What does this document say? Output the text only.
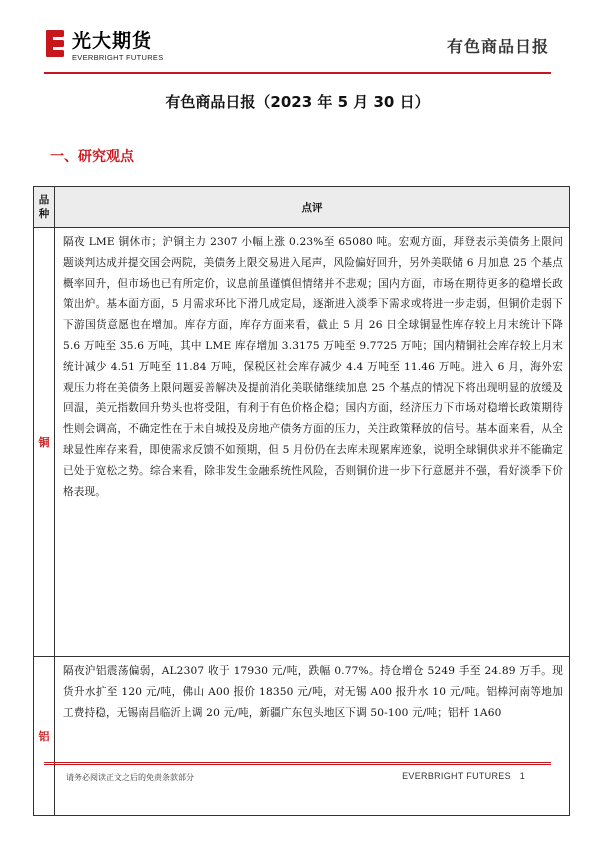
光大期货
EVERBRIGHT FUTURES
有色商品日报
有色商品日报（2023 年 5 月 30 日）
一、研究观点
品种	点评
铜	隔夜 LME 铜休市；沪铜主力 2307 小幅上涨 0.23%至 65080 吨。宏观方面，拜登表示美债务上限问题谈判达成并提交国会两院，美债务上限交易进入尾声，风险偏好回升，另外美联储 6 月加息 25 个基点概率回升，但市场也已有所定价，议息前虽谨慎但情绪并不悲观；国内方面，市场在期待更多的稳增长政策出炉。基本面方面，5 月需求环比下滑几成定局，逐渐进入淡季下需求或将进一步走弱，但铜价走弱下下游国货意愿也在增加。库存方面，库存方面来看，截止 5 月 26 日全球铜显性库存较上月末统计下降 5.6 万吨至 35.6 万吨，其中 LME 库存增加 3.3175 万吨至 9.7725 万吨；国内精铜社会库存较上月末统计减少 4.51 万吨至 11.84 万吨，保税区社会库存减少 4.4 万吨至 11.46 万吨。进入 6 月，海外宏观压力将在美债务上限问题妥善解决及提前消化美联储继续加息 25 个基点的情况下将出现明显的放缓及回温，美元指数回升势头也将受阻，有利于有色价格企稳；国内方面，经济压力下市场对稳增长政策期待性则会调高，不确定性在于未自城投及房地产债务方面的压力，关注政策释放的信号。基本面来看，从全球显性库存来看，即使需求反馈不如预期，但 5 月份仍在去库未现累库迹象，说明全球铜供求并不能确定已处于宽松之势。综合来看，除非发生金融系统性风险，否则铜价进一步下行意愿并不强，看好淡季下价格表现。
铝	隔夜沪铝震荡偏弱，AL2307 收于 17930 元/吨，跌幅 0.77%。持仓增仓 5249 手至 24.89 万手。现货升水扩至 120 元/吨，佛山 A00 报价 18350 元/吨，对无锡 A00 报升水 10 元/吨。铝棒河南等地加工费持稳，无锡南昌临沂上调 20 元/吨，新疆广东包头地区下调 50-100 元/吨；铝杆 1A60
请务必阅读正文之后的免责条款部分	EVERBRIGHT FUTURES 1
